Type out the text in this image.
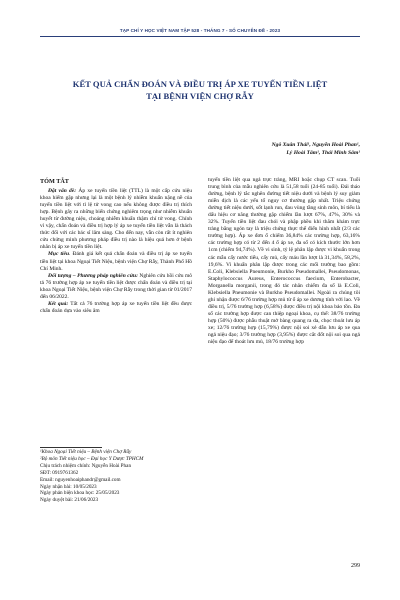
TẠP CHÍ Y HỌC VIỆT NAM TẬP 528 - THÁNG 7 - SỐ CHUYÊN ĐỀ - 2023
KẾT QUẢ CHẨN ĐOÁN VÀ ĐIỀU TRỊ ÁP XE TUYẾN TIỀN LIỆT
TẠI BỆNH VIỆN CHỢ RẪY
Ngô Xuân Thái¹, Nguyễn Hoài Phan¹,
Lý Hoài Tâm¹, Thái Minh Sâm¹
TÓM TẮT

Đặt vấn đề: Áp xe tuyến tiền liệt (TTL) là một cấp cứu niệu khoa hiếm gặp nhưng lại là một bệnh lý nhiễm khuẩn nặng nề của tuyến tiền liệt với tỉ lệ tử vong cao nếu không được điều trị thích hợp. Bệnh gây ra những biến chứng nghiêm trọng như nhiễm khuẩn huyết từ đường niệu, choáng nhiễm khuẩn thậm chí tử vong. Chính vì vậy, chẩn đoán và điều trị hợp lý áp xe tuyến tiền liệt vẫn là thách thức đối với các bác sĩ lâm sàng. Cho đến nay, vẫn còn rất ít nghiên cứu chứng minh phương pháp điều trị nào là hiệu quả hơn ở bệnh nhân bị áp xe tuyến tiền liệt.

Mục tiêu. Đánh giá kết quả chẩn đoán và điều trị áp xe tuyến tiền liệt tại khoa Ngoại Tiết Niệu, bệnh viện Chợ Rẫy, Thành Phố Hồ Chí Minh.

Đối tượng – Phương pháp nghiên cứu: Nghiên cứu hồi cứu mô tả 76 trường hợp áp xe tuyến tiền liệt được chẩn đoán và điều trị tại khoa Ngoại Tiết Niệu, bệnh viện Chợ Rẫy trong thời gian từ 01/2017 đến 06/2022.

Kết quả: Tất cả 76 trường hợp áp xe tuyến tiền liệt đều được chẩn đoán dựa vào siêu âm

tuyến tiền liệt qua ngả trực tràng, MRI hoặc chụp CT scan. Tuổi trung bình của mẫu nghiên cứu là 51,58 tuổi (24-85 tuổi). Đái tháo đường, bệnh lý tắc nghẽn đường tiết niệu dưới và bệnh lý suy giảm miễn dịch là các yếu tố nguy cơ thường gặp nhất. Triệu chứng đường tiết niệu dưới, sốt lạnh run, đau vùng tầng sinh môn, bí tiểu là dấu hiệu cơ năng thường gặp chiếm lần lượt 67%, 47%, 30% và 32%. Tuyến tiền liệt đau chói và phập phều khi thăm khám trực tràng bằng ngón tay là triệu chứng thực thể điển hình nhất (2/3 các trường hợp). Áp xe đơn ổ chiếm 36,84% các trường hợp, 63,16% các trường hợp có từ 2 đến 4 ổ áp xe, đa số có kích thước lớn hơn 1cm (chiếm 94,74%). Về vi sinh, tỷ lệ phân lập được vi khuẩn trong các mẫu cấy nước tiểu, cấy mủ, cấy máu lần lượt là 31,34%, 58,2%, 19,6%. Vi khuẩn phân lập được trong các mối trường bao gồm: E.Coli, Klebsiella Pneumonie, Burkho Pseudomallei, Pseudomonas, Staphylococcus Aureus, Enterococcus faecium, Enterobacter, Morganella morganii, trong đó tác nhân chiếm đa số là E.Coli, Klebsiella Pneumonie và Burkho Pseudomallei. Ngoài ra chúng tôi ghi nhận được 6/76 trường hợp mủ từ ổ áp xe dương tính với lao. Về điều trị, 5/76 trường hợp (6,58%) được điều trị nội khoa bảo tồn. Đa số các trường hợp được can thiệp ngoại khoa, cụ thể: 38/76 trường hợp (50%) được phẫu thuật mở bàng quang ra da, chọc thoát lưu áp xe; 12/76 trường hợp (15,79%) được nội soi xẻ dẫn lưu áp xe qua ngả niệu đạo; 3/76 trường hợp (3,95%) được cắt đốt nội soi qua ngả niệu đạo để thoát lưu mủ, 18/76 trường hợp

¹Khoa Ngoại Tiết niệu – Bệnh viện Chợ Rẫy

²Bộ môn Tiết niệu học – Đại học Y Dược TPHCM

Chịu trách nhiệm chính: Nguyễn Hoài Phan

SĐT: 0919761362

Email: nguyenhoaiphandr@gmail.com

Ngày nhận bài: 10/05/2023

Ngày phản biện khoa học: 25/05/2023

Ngày duyệt bài: 21/06/2023

299
